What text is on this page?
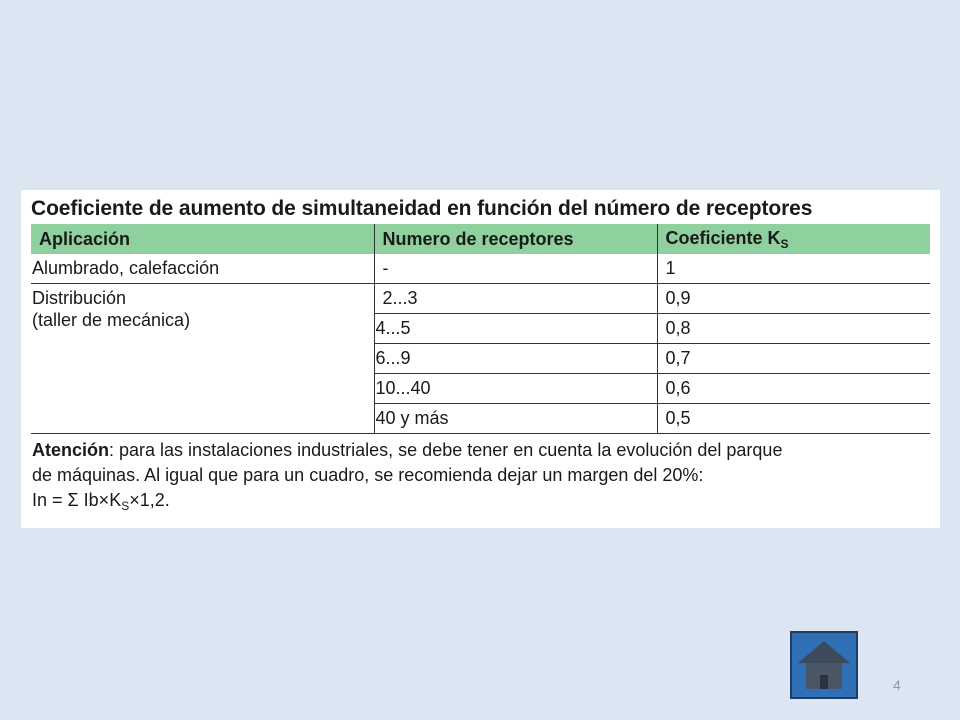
Coeficiente de aumento de simultaneidad en función del número de receptores
Aplicación	Numero de receptores	Coeficiente $K_S$
Alumbrado, calefacción	-	1

Distribución
(taller de mecánica)	2...3	0,9
	4...5	0,8
	6...9	0,7
	10...40	0,6
	40 y más	0,5
Atención: para las instalaciones industriales, se debe tener en cuenta la evolución del parque
de máquinas. Al igual que para un cuadro, se recomienda dejar un margen del 20%:
In = Σ $Ib\times K_S\times 1,2$.
4
